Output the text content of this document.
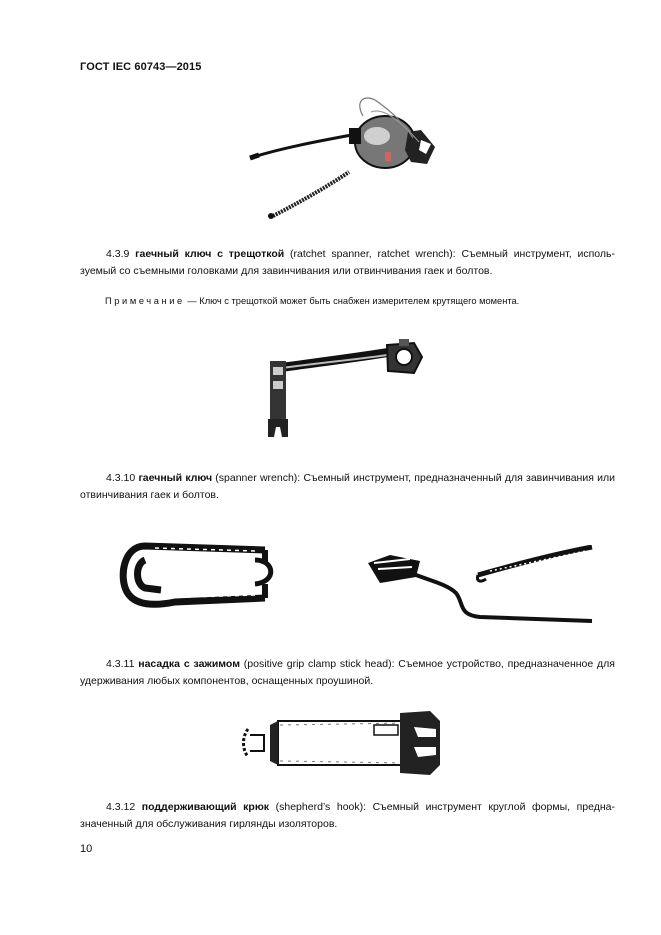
ГОСТ IEC 60743—2015
4.3.9 гаечный ключ с трещоткой (ratchet spanner, ratchet wrench): Съемный инструмент, используемый со съемными головками для завинчивания или отвинчивания гаек и болтов.
Примечание — Ключ с трещоткой может быть снабжен измерителем крутящего момента.
4.3.10 гаечный ключ (spanner wrench): Съемный инструмент, предназначенный для завинчивания или отвинчивания гаек и болтов.
4.3.11 насадка с зажимом (positive grip clamp stick head): Съемное устройство, предназначенное для удерживания любых компонентов, оснащенных проушиной.
4.3.12 поддерживающий крюк (shepherd’s hook): Съемный инструмент круглой формы, предназначенный для обслуживания гирлянды изоляторов.
10
